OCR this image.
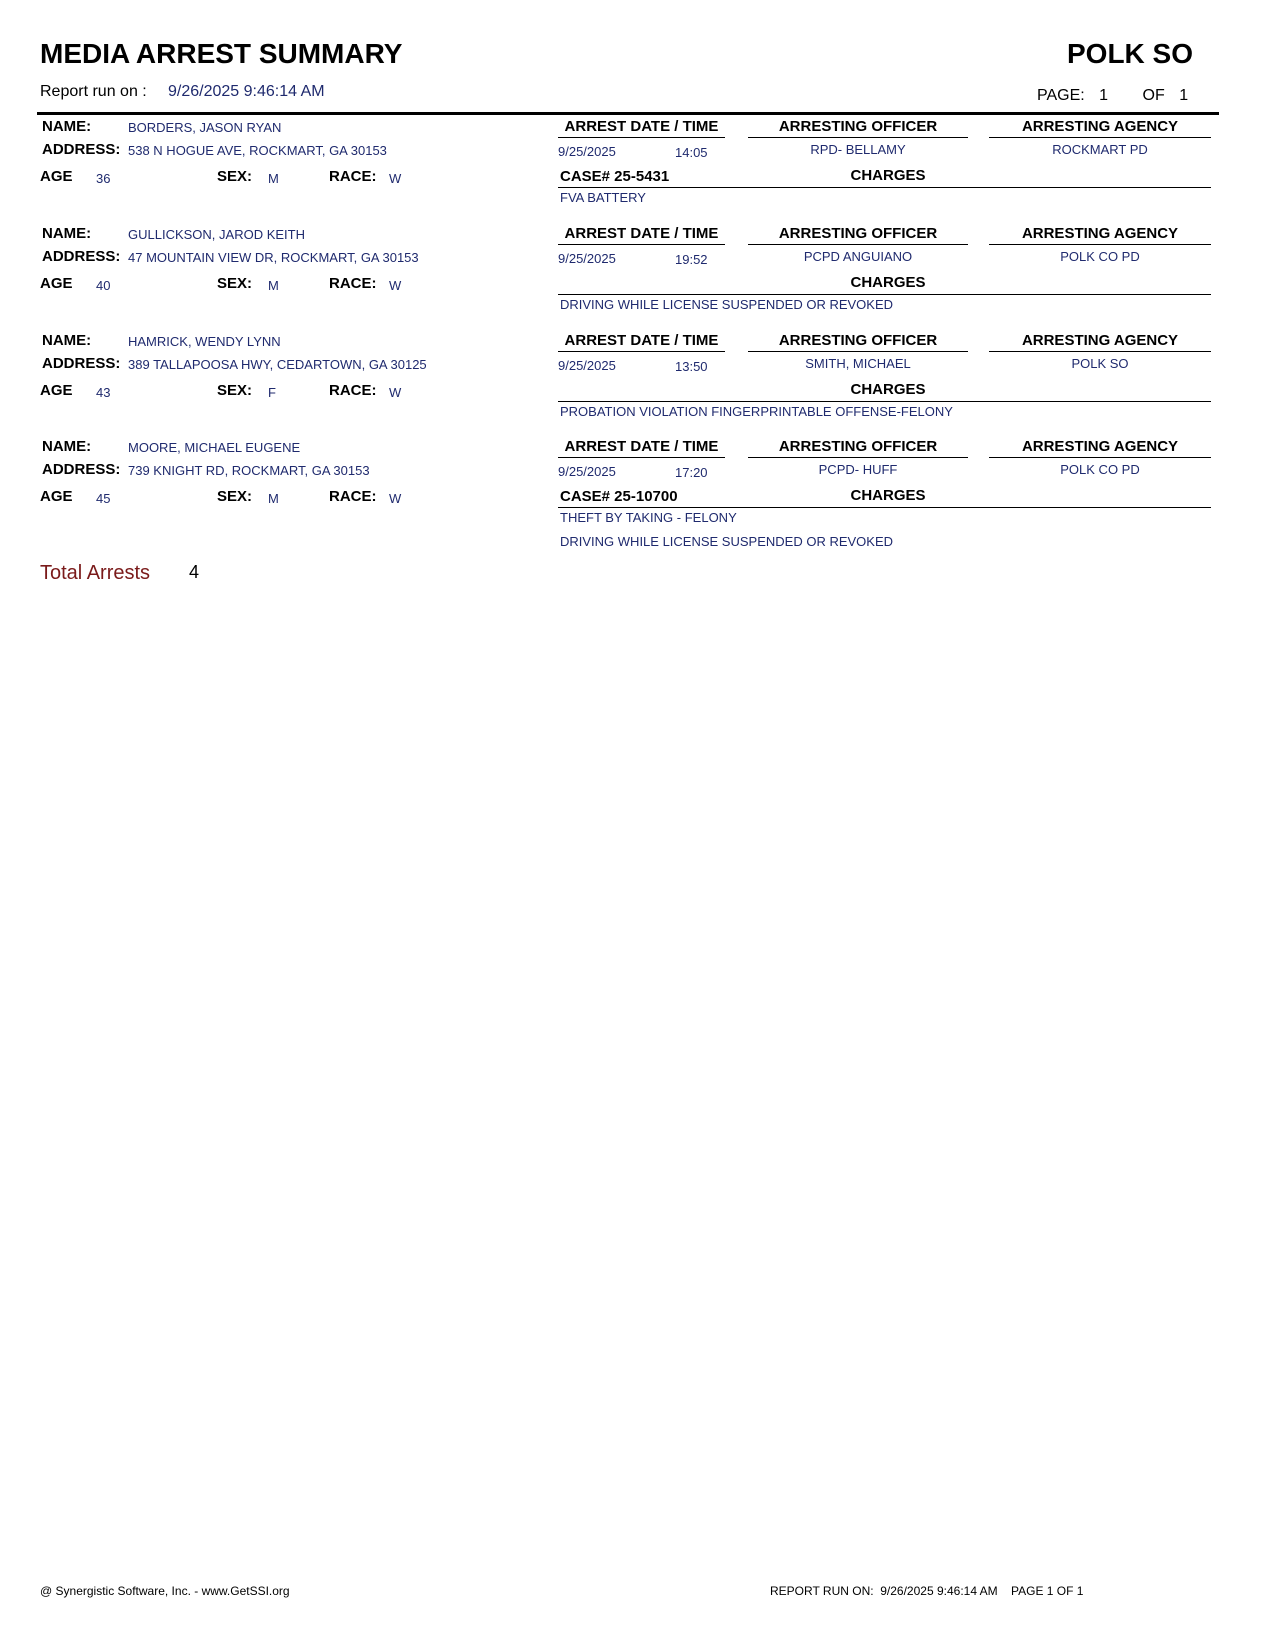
MEDIA ARREST SUMMARY	POLK SO
Report run on : 9/26/2025 9:46:14 AM	PAGE: 1 OF 1
NAME:	BORDERS, JASON RYAN
ADDRESS: 538 N HOGUE AVE, ROCKMART, GA 30153
AGE 36	SEX: M	RACE: W
ARREST DATE / TIME	ARRESTING OFFICER	ARRESTING AGENCY
9/25/2025	14:05	RPD- BELLAMY	ROCKMART PD
CASE# 25-5431	CHARGES
FVA BATTERY
NAME:	GULLICKSON, JAROD KEITH
ADDRESS: 47 MOUNTAIN VIEW DR, ROCKMART, GA 30153
AGE 40	SEX: M	RACE: W
ARREST DATE / TIME	ARRESTING OFFICER	ARRESTING AGENCY
9/25/2025	19:52	PCPD ANGUIANO	POLK CO PD
CHARGES
DRIVING WHILE LICENSE SUSPENDED OR REVOKED
NAME:	HAMRICK, WENDY LYNN
ADDRESS: 389 TALLAPOOSA HWY, CEDARTOWN, GA 30125
AGE 43	SEX: F	RACE: W
ARREST DATE / TIME	ARRESTING OFFICER	ARRESTING AGENCY
9/25/2025	13:50	SMITH, MICHAEL	POLK SO
CHARGES
PROBATION VIOLATION FINGERPRINTABLE OFFENSE-FELONY
NAME:	MOORE, MICHAEL EUGENE
ADDRESS: 739 KNIGHT RD, ROCKMART, GA 30153
AGE 45	SEX: M	RACE: W
ARREST DATE / TIME	ARRESTING OFFICER	ARRESTING AGENCY
9/25/2025	17:20	PCPD- HUFF	POLK CO PD
CASE# 25-10700	CHARGES
THEFT BY TAKING - FELONY
DRIVING WHILE LICENSE SUSPENDED OR REVOKED
Total Arrests 4
@ Synergistic Software, Inc. - www.GetSSI.org	REPORT RUN ON:  9/26/2025 9:46:14 AM    PAGE 1 OF 1
